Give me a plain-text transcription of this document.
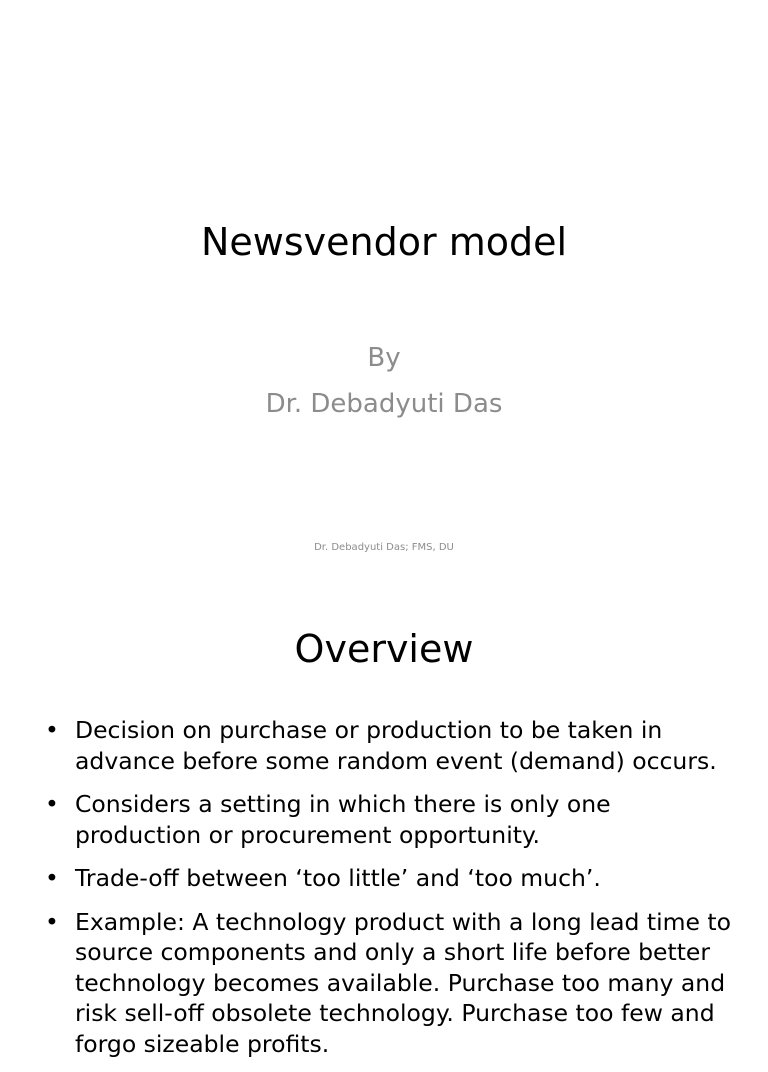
Newsvendor model
By
Dr. Debadyuti Das
Dr. Debadyuti Das; FMS, DU
Overview
• Decision on purchase or production to be taken in advance before some random event (demand) occurs.
• Considers a setting in which there is only one production or procurement opportunity.
• Trade-off between ‘too little’ and ‘too much’.
• Example: A technology product with a long lead time to source components and only a short life before better technology becomes available. Purchase too many and risk sell-off obsolete technology. Purchase too few and forgo sizeable profits.
